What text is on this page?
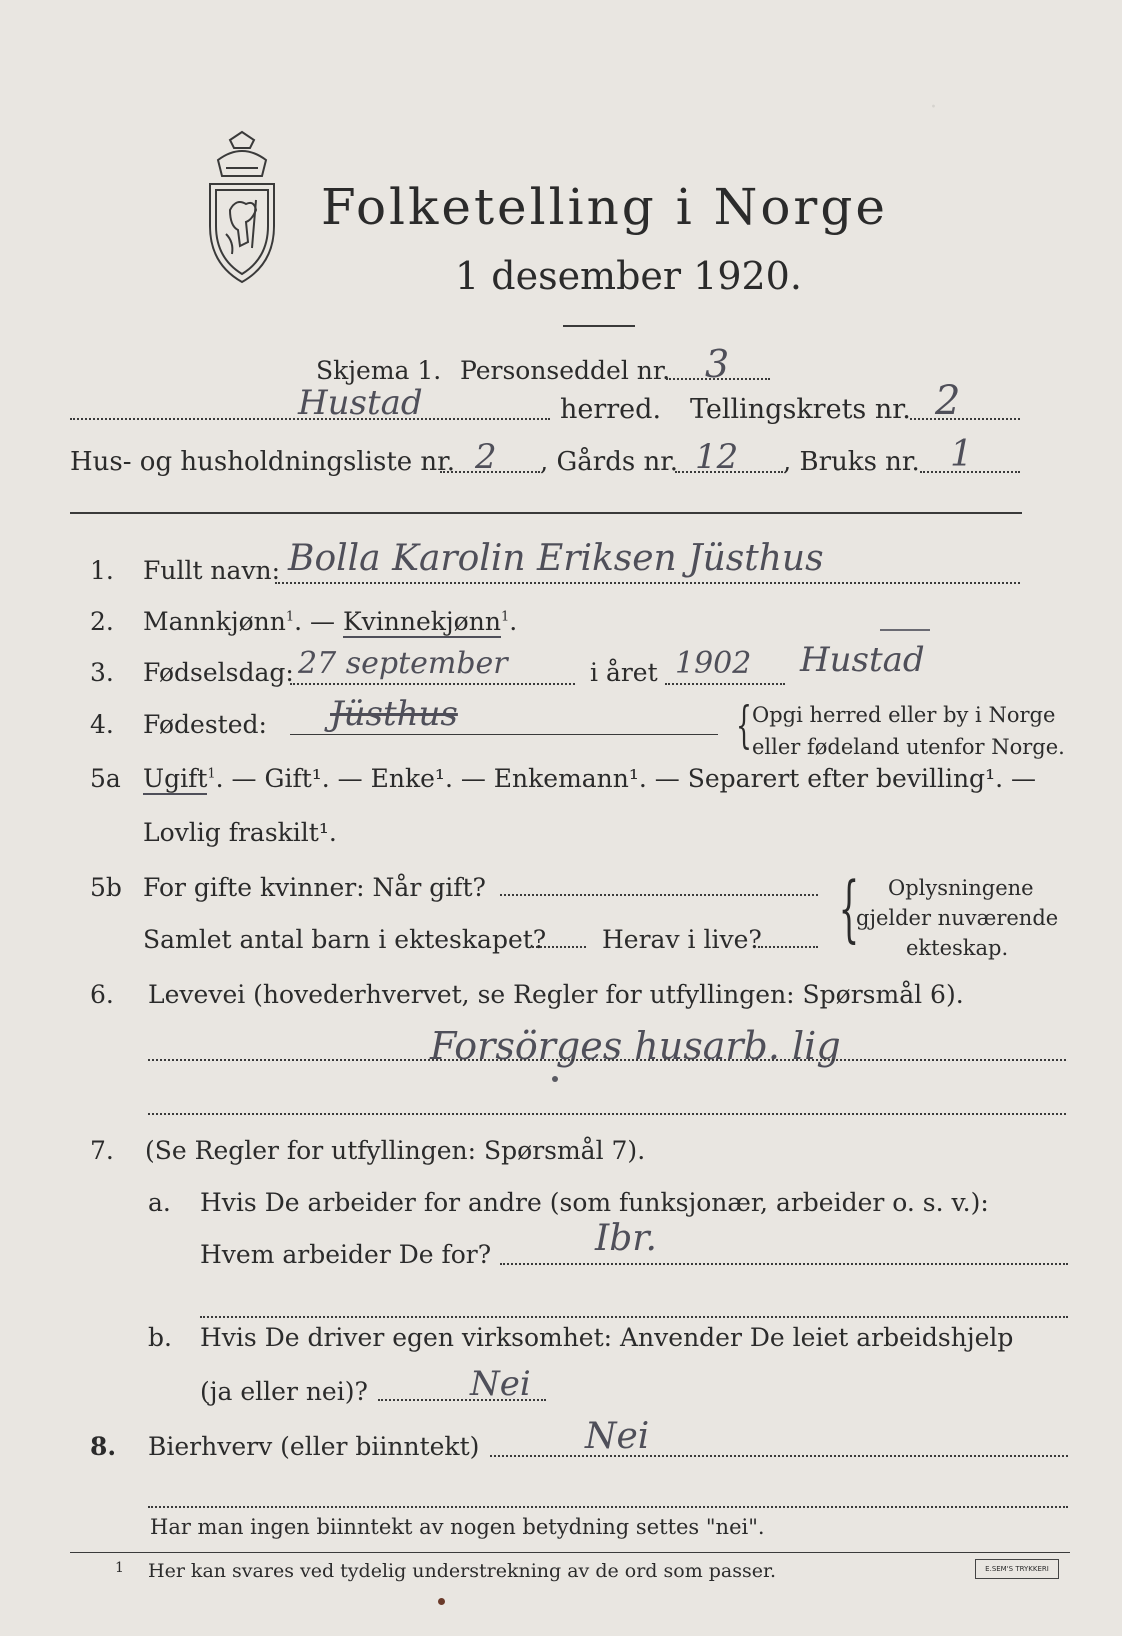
·
Folketelling i Norge
1 desember 1920.
Skjema 1. Personseddel nr. 3
Hustad	herred. Tellingskrets nr. 2
Hus- og husholdningsliste nr. 2 , Gårds nr. 12 , Bruks nr. 1
1. Fullt navn: Bolla Karolin Eriksen Jüsthus
2. Mannkjønn$^1$. — Kvinnekjønn$^1$.
3. Fødselsdag: 27 september	i året 1902 Hustad
4. Fødested: Jüsthus	{ Opgi herred eller by i Norge
eller fødeland utenfor Norge.
5a Ugift$^1$. — Gift¹. — Enke¹. — Enkemann¹. — Separert efter bevilling¹. —
Lovlig fraskilt¹.
5b For gifte kvinner: Når gift?
Samlet antal barn i ekteskapet? Herav i live? { Oplysningene
gjelder nuværende
ekteskap.
6. Levevei (hovederhvervet, se Regler for utfyllingen: Spørsmål 6).
Forsörges husarb. lig
7. (Se Regler for utfyllingen: Spørsmål 7).
a. Hvis De arbeider for andre (som funksjonær, arbeider o. s. v.):
Hvem arbeider De for?	Ibr.
b. Hvis De driver egen virksomhet: Anvender De leiet arbeidshjelp
(ja eller nei)?	Nei
8. Bierhverv (eller biinntekt)	Nei
Har man ingen biinntekt av nogen betydning settes "nei".
1 Her kan svares ved tydelig understrekning av de ord som passer.	E.SEM'S TRYKKERI
